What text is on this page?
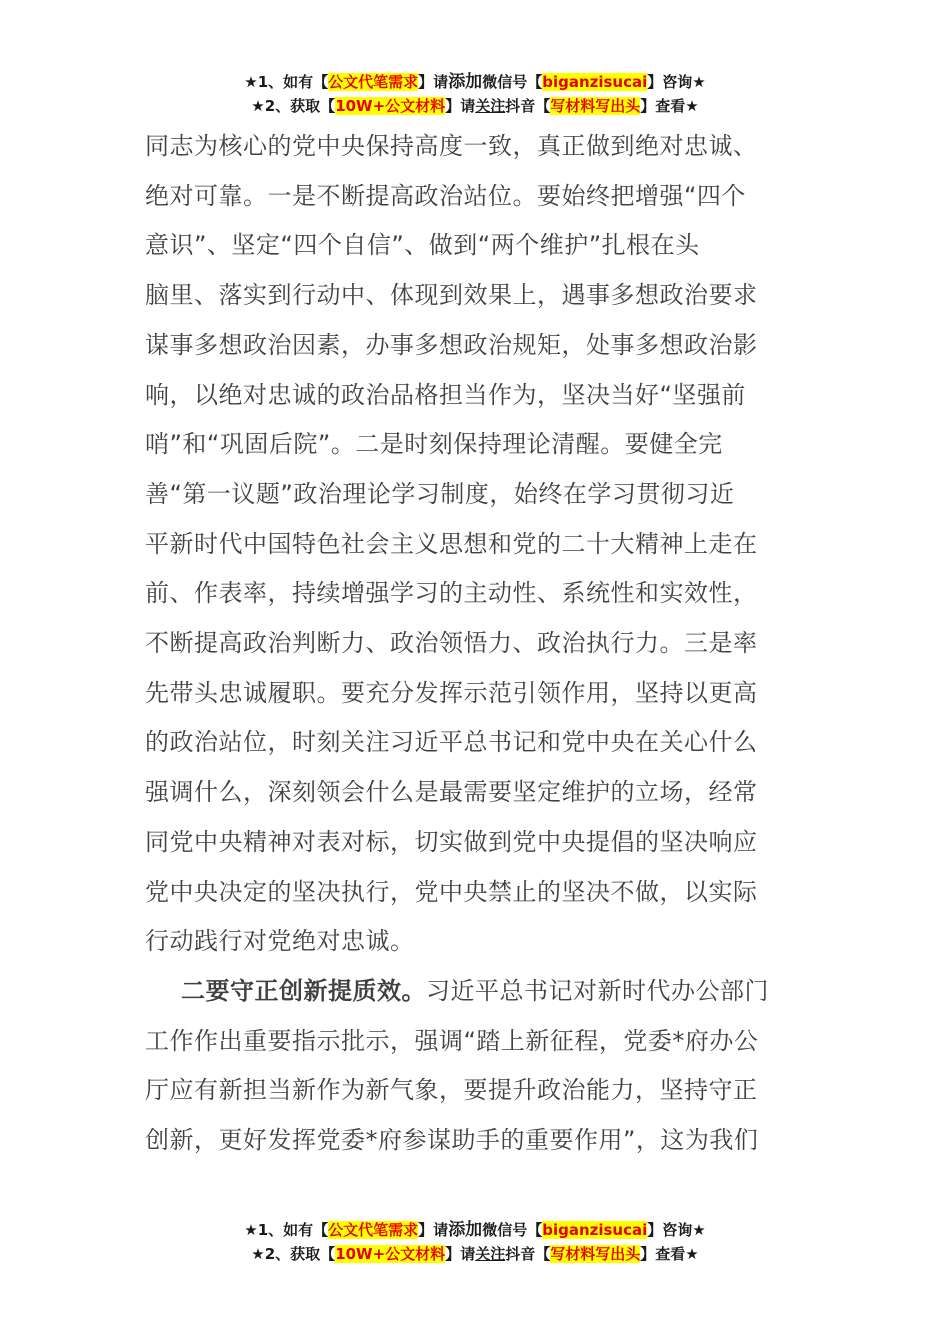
★1、如有【公文代笔需求】请添加微信号【biganzisucai】咨询★
★2、获取【10W+公文材料】请关注抖音【写材料写出头】查看★

同志为核心的党中央保持高度一致，真正做到绝对忠诚、
绝对可靠。一是不断提高政治站位。要始终把增强“四个
意识”、坚定“四个自信”、做到“两个维护”扎根在头
脑里、落实到行动中、体现到效果上，遇事多想政治要求
谋事多想政治因素，办事多想政治规矩，处事多想政治影
响，以绝对忠诚的政治品格担当作为，坚决当好“坚强前
哨”和“巩固后院”。二是时刻保持理论清醒。要健全完
善“第一议题”政治理论学习制度，始终在学习贯彻习近
平新时代中国特色社会主义思想和党的二十大精神上走在
前、作表率，持续增强学习的主动性、系统性和实效性，
不断提高政治判断力、政治领悟力、政治执行力。三是率
先带头忠诚履职。要充分发挥示范引领作用，坚持以更高
的政治站位，时刻关注习近平总书记和党中央在关心什么
强调什么，深刻领会什么是最需要坚定维护的立场，经常
同党中央精神对表对标，切实做到党中央提倡的坚决响应
党中央决定的坚决执行，党中央禁止的坚决不做，以实际
行动践行对党绝对忠诚。

二要守正创新提质效。习近平总书记对新时代办公部门
工作作出重要指示批示，强调“踏上新征程，党委*府办公
厅应有新担当新作为新气象，要提升政治能力，坚持守正
创新，更好发挥党委*府参谋助手的重要作用”，这为我们

★1、如有【公文代笔需求】请添加微信号【biganzisucai】咨询★
★2、获取【10W+公文材料】请关注抖音【写材料写出头】查看★
